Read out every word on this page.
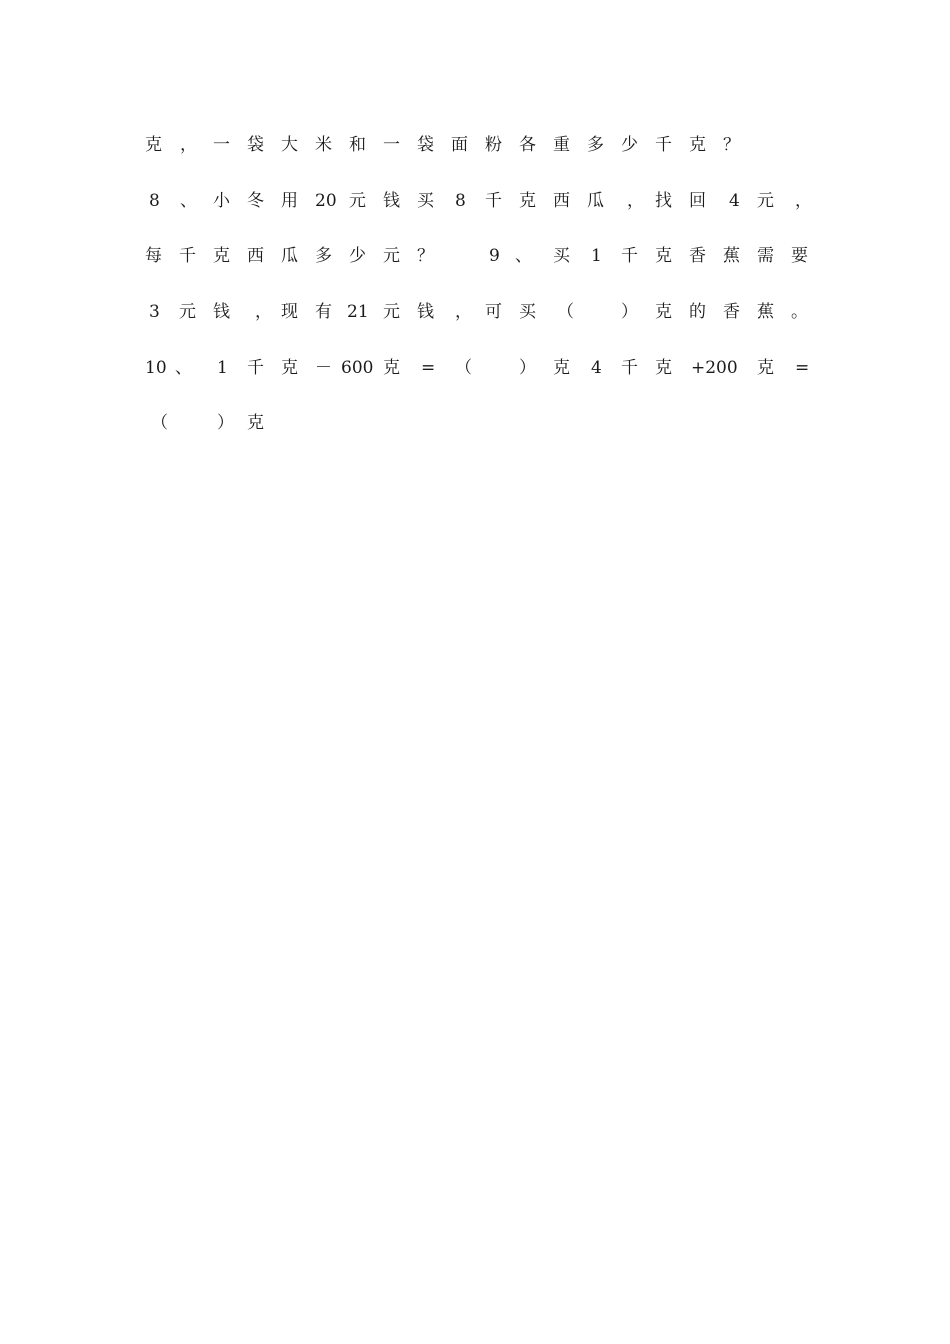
克 ， 一 袋 大 米 和 一 袋 面 粉 各 重 多 少 千 克 ？
8 、 小 冬 用 20 元 钱 买 8 千 克 西 瓜 ， 找 回 4 元 ，
每 千 克 西 瓜 多 少 元 ？	9 、 买 1 千 克 香 蕉 需 要
3 元 钱 ， 现 有 21 元 钱 ， 可 买 （	） 克 的 香 蕉 。
10 、 1 千 克 － 600 克 = （	） 克 4 千 克 +200 克 =
（	） 克
